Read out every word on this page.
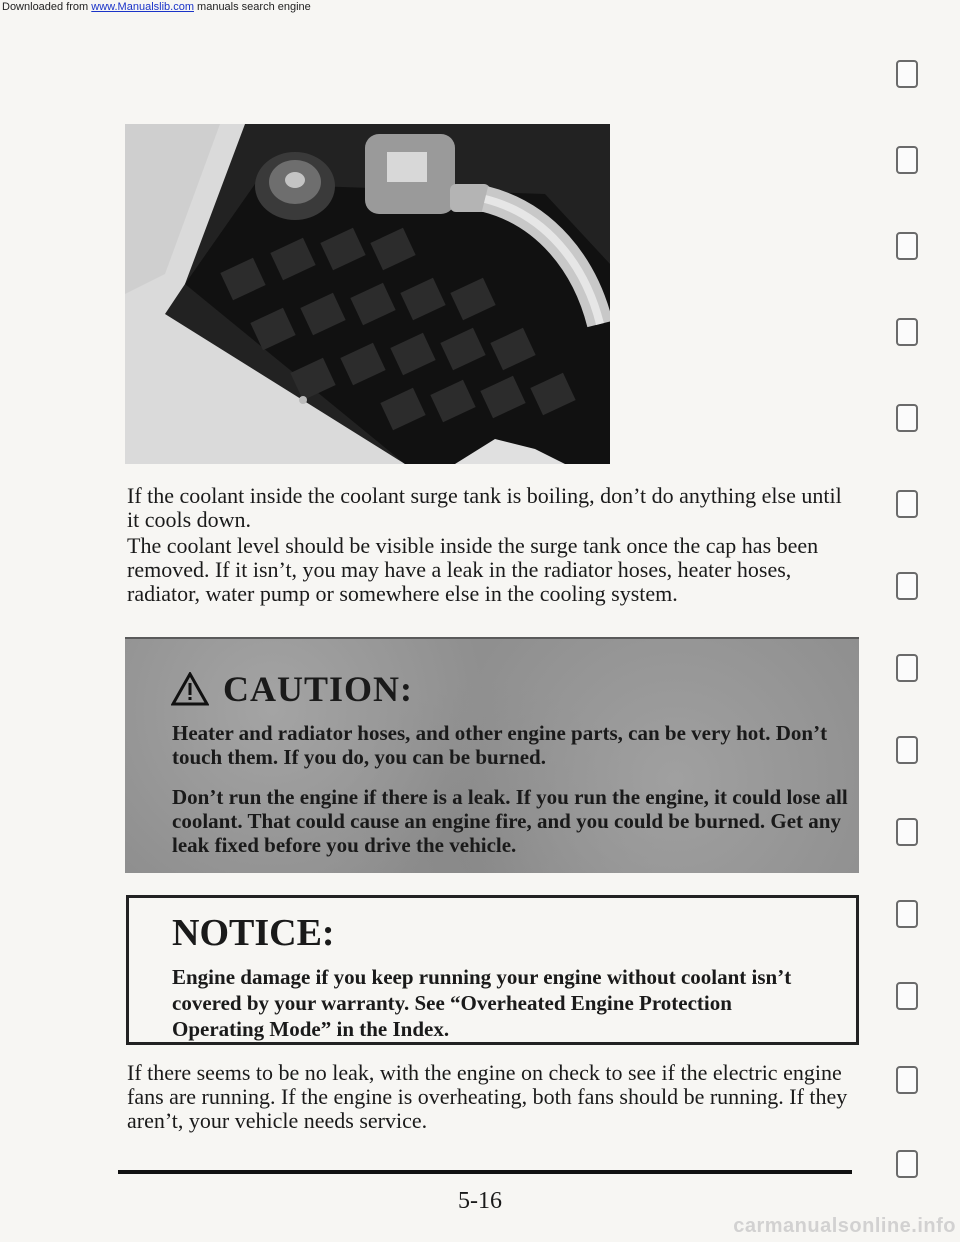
Downloaded from www.Manualslib.com manuals search engine

If the coolant inside the coolant surge tank is boiling, don’t do anything else until it cools down.

The coolant level should be visible inside the surge tank once the cap has been removed. If it isn’t, you may have a leak in the radiator hoses, heater hoses, radiator, water pump or somewhere else in the cooling system.

CAUTION:

Heater and radiator hoses, and other engine parts, can be very hot. Don’t touch them. If you do, you can be burned.

Don’t run the engine if there is a leak. If you run the engine, it could lose all coolant. That could cause an engine fire, and you could be burned. Get any leak fixed before you drive the vehicle.

NOTICE:

Engine damage if you keep running your engine without coolant isn’t covered by your warranty. See “Overheated Engine Protection Operating Mode” in the Index.

If there seems to be no leak, with the engine on check to see if the electric engine fans are running. If the engine is overheating, both fans should be running. If they aren’t, your vehicle needs service.

5-16
carmanualsonline.info
